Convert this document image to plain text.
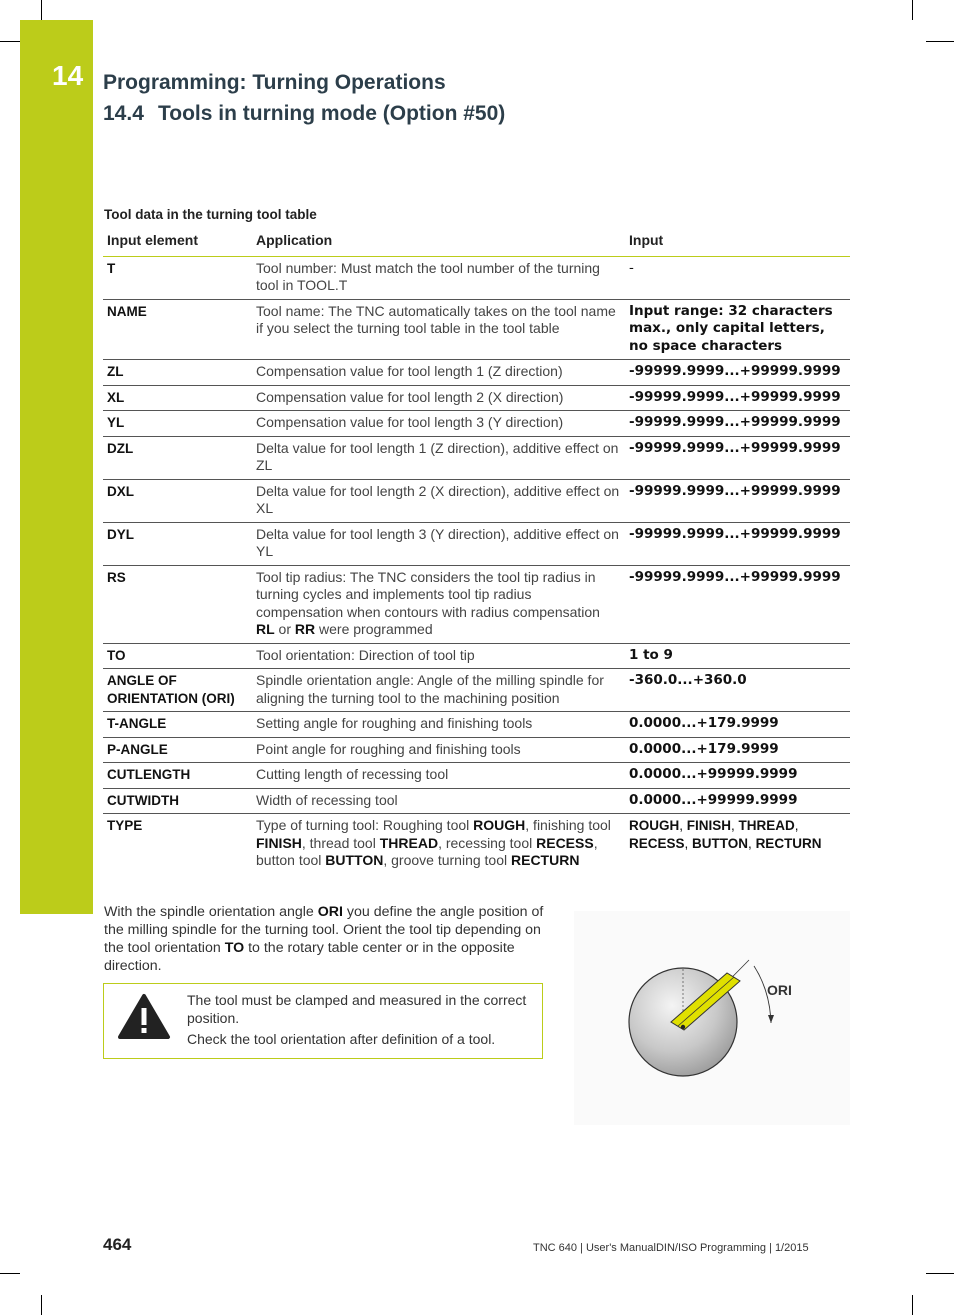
14 Programming: Turning Operations
14.4 Tools in turning mode (Option #50)
Tool data in the turning tool table
Input element	Application	Input
T	Tool number: Must match the tool number of the turning tool in TOOL.T	-
NAME	Tool name: The TNC automatically takes on the tool name if you select the turning tool table in the tool table	Input range: 32 characters max., only capital letters, no space characters
ZL	Compensation value for tool length 1 (Z direction)	-99999.9999...+99999.9999
XL	Compensation value for tool length 2 (X direction)	-99999.9999...+99999.9999
YL	Compensation value for tool length 3 (Y direction)	-99999.9999...+99999.9999
DZL	Delta value for tool length 1 (Z direction), additive effect on ZL	-99999.9999...+99999.9999
DXL	Delta value for tool length 2 (X direction), additive effect on XL	-99999.9999...+99999.9999
DYL	Delta value for tool length 3 (Y direction), additive effect on YL	-99999.9999...+99999.9999
RS	Tool tip radius: The TNC considers the tool tip radius in turning cycles and implements tool tip radius compensation when contours with radius compensation RL or RR were programmed	-99999.9999...+99999.9999
TO	Tool orientation: Direction of tool tip	1 to 9
ANGLE OF ORIENTATION (ORI)	Spindle orientation angle: Angle of the milling spindle for aligning the turning tool to the machining position	-360.0...+360.0
T-ANGLE	Setting angle for roughing and finishing tools	0.0000...+179.9999
P-ANGLE	Point angle for roughing and finishing tools	0.0000...+179.9999
CUTLENGTH	Cutting length of recessing tool	0.0000...+99999.9999
CUTWIDTH	Width of recessing tool	0.0000...+99999.9999
TYPE	Type of turning tool: Roughing tool ROUGH, finishing tool FINISH, thread tool THREAD, recessing tool RECESS, button tool BUTTON, groove turning tool RECTURN	ROUGH, FINISH, THREAD, RECESS, BUTTON, RECTURN
With the spindle orientation angle ORI you define the angle position of the milling spindle for the turning tool. Orient the tool tip depending on the tool orientation TO to the rotary table center or in the opposite direction.
The tool must be clamped and measured in the correct position.
Check the tool orientation after definition of a tool.
ORI
464	TNC 640 | User's ManualDIN/ISO Programming | 1/2015
